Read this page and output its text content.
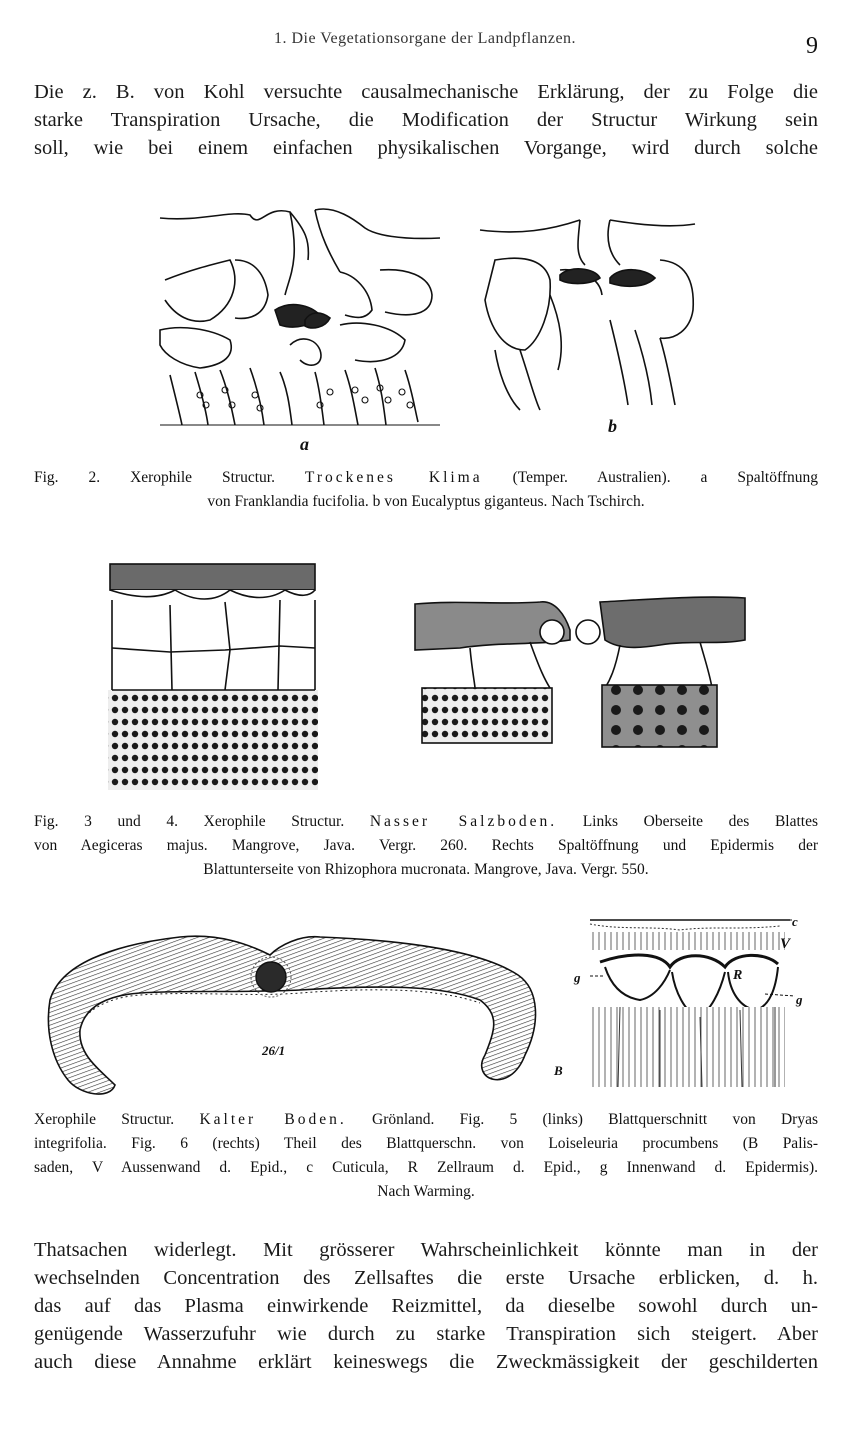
1. Die Vegetationsorgane der Landpflanzen.	9
Die z. B. von Kohl versuchte causalmechanische Erklärung, der zu Folge die
starke Transpiration Ursache, die Modification der Structur Wirkung sein
soll, wie bei einem einfachen physikalischen Vorgange, wird durch solche
a
b
Fig. 2. Xerophile Structur. Trockenes Klima (Temper. Australien). a Spaltöffnung
von Franklandia fucifolia. b von Eucalyptus giganteus. Nach Tschirch.
Fig. 3 und 4. Xerophile Structur. Nasser Salzboden. Links Oberseite des Blattes
von Aegiceras majus. Mangrove, Java. Vergr. 260. Rechts Spaltöffnung und Epidermis der
Blattunterseite von Rhizophora mucronata. Mangrove, Java. Vergr. 550.
26/1
c
V
R
g
g
B
Xerophile Structur. Kalter Boden. Grönland. Fig. 5 (links) Blattquerschnitt von Dryas
integrifolia. Fig. 6 (rechts) Theil des Blattquerschn. von Loiseleuria procumbens (B Palis-
saden, V Aussenwand d. Epid., c Cuticula, R Zellraum d. Epid., g Innenwand d. Epidermis).
Nach Warming.
Thatsachen widerlegt. Mit grösserer Wahrscheinlichkeit könnte man in der
wechselnden Concentration des Zellsaftes die erste Ursache erblicken, d. h.
das auf das Plasma einwirkende Reizmittel, da dieselbe sowohl durch un-
genügende Wasserzufuhr wie durch zu starke Transpiration sich steigert. Aber
auch diese Annahme erklärt keineswegs die Zweckmässigkeit der geschilderten
